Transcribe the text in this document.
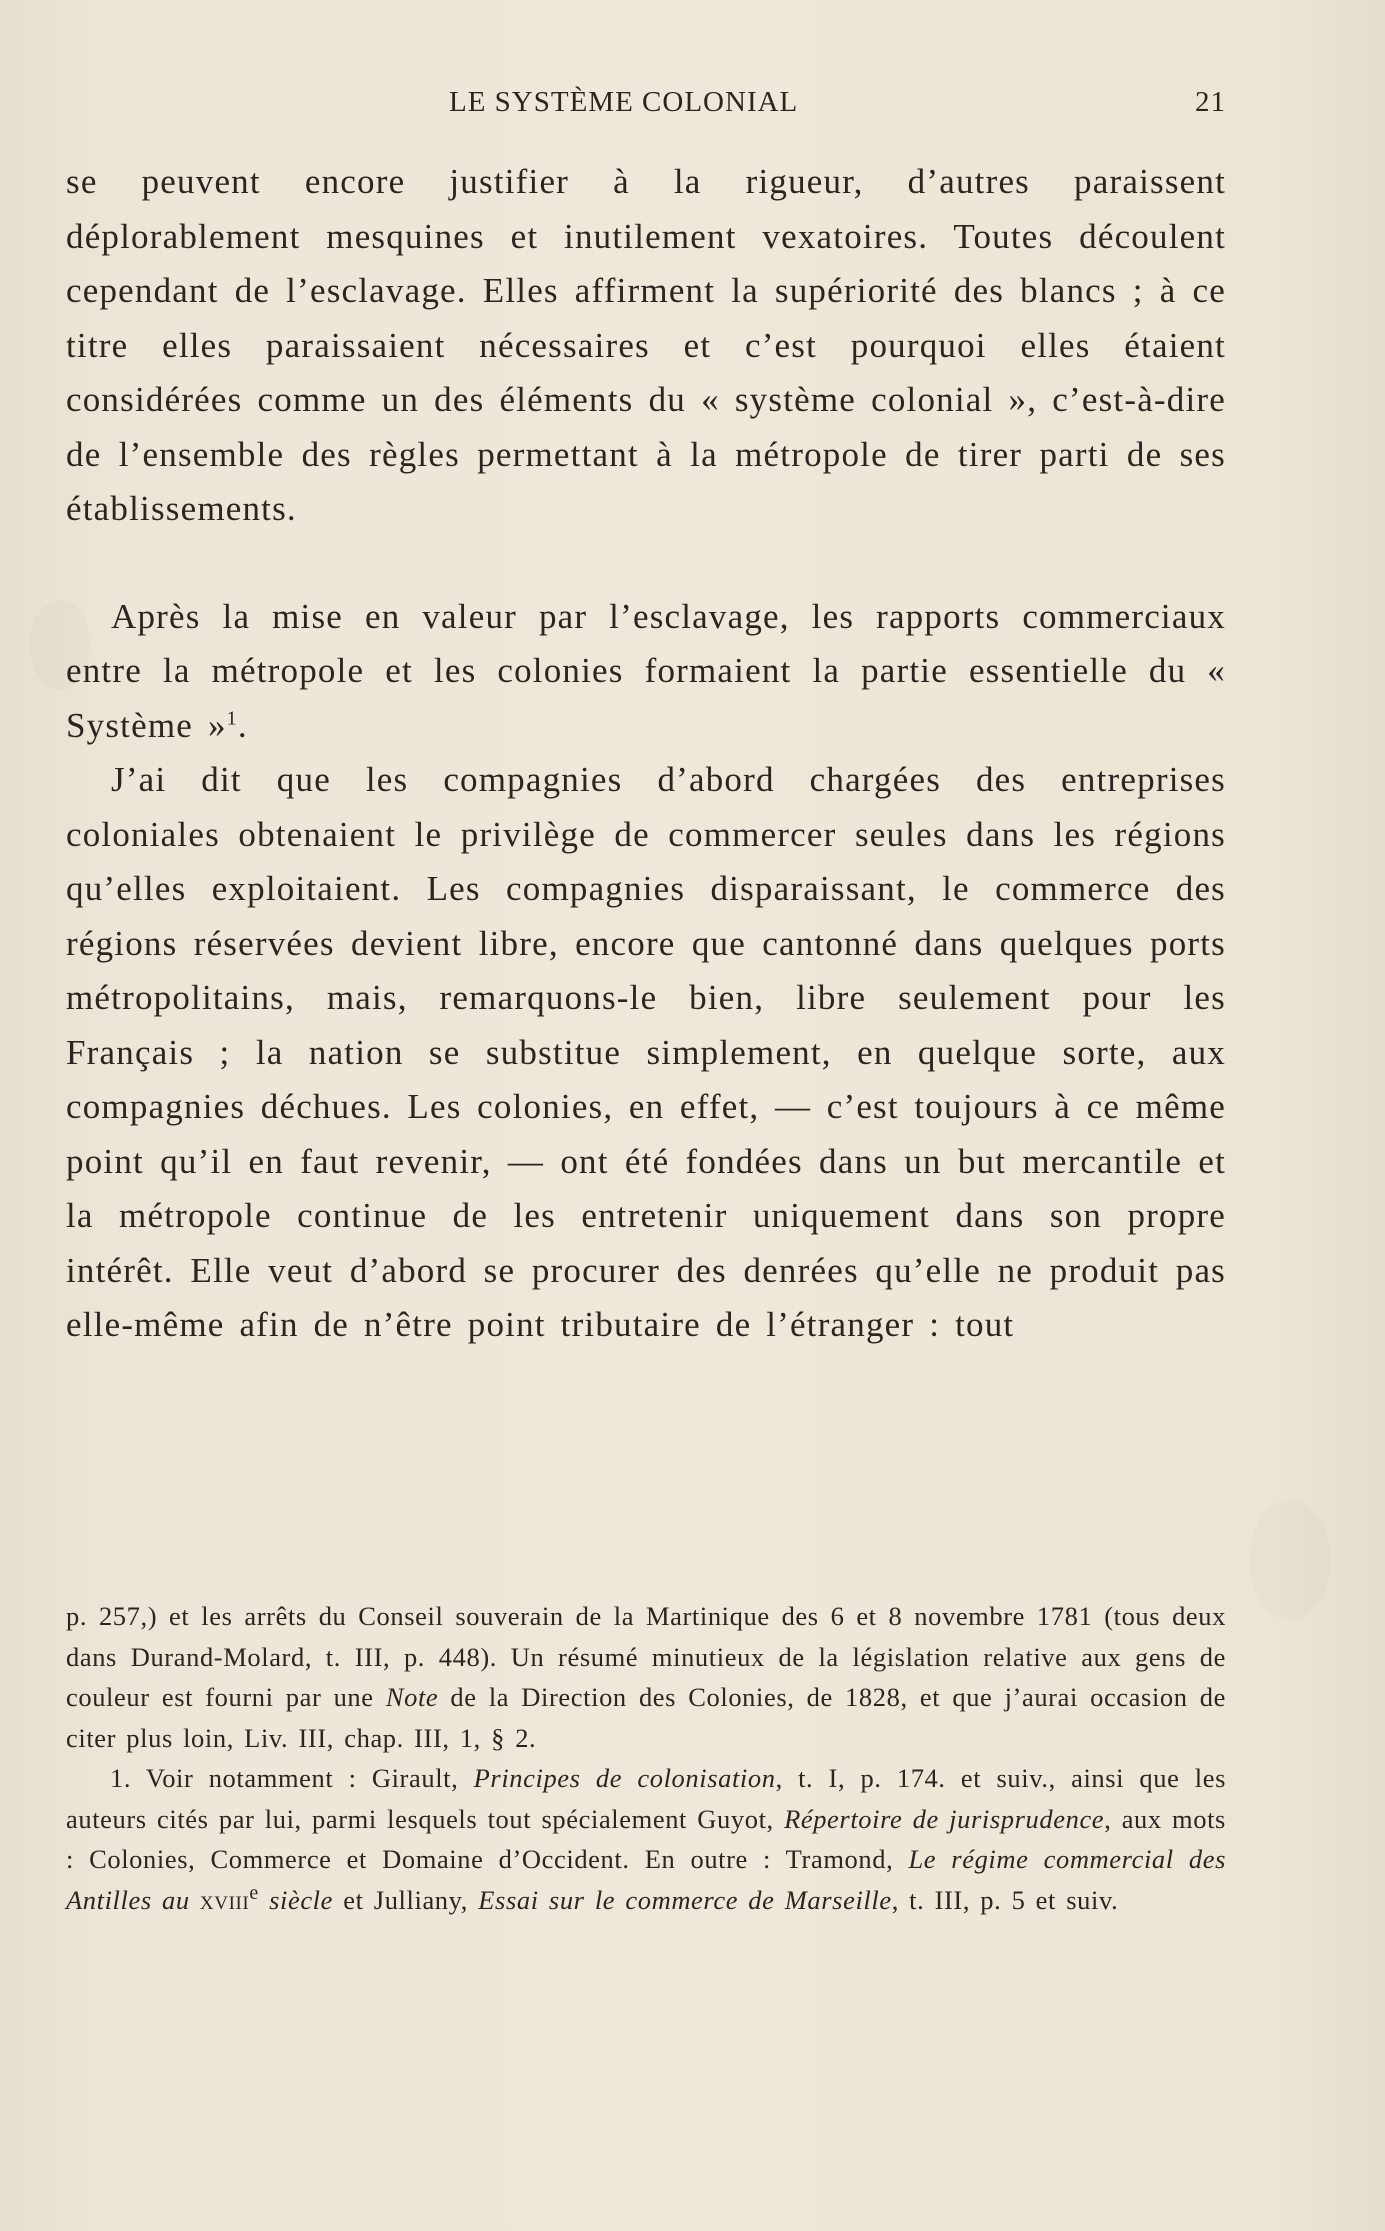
LE SYSTÈME COLONIAL	21

se peuvent encore justifier à la rigueur, d’autres paraissent déplorablement mesquines et inutilement vexatoires. Toutes découlent cependant de l’esclavage. Elles affirment la supériorité des blancs ; à ce titre elles paraissaient nécessaires et c’est pourquoi elles étaient considérées comme un des éléments du « système colonial », c’est-à-dire de l’ensemble des règles permettant à la métropole de tirer parti de ses établissements.

Après la mise en valeur par l’esclavage, les rapports commerciaux entre la métropole et les colonies formaient la partie essentielle du « Système »$^1$.

J’ai dit que les compagnies d’abord chargées des entreprises coloniales obtenaient le privilège de commercer seules dans les régions qu’elles exploitaient. Les compagnies disparaissant, le commerce des régions réservées devient libre, encore que cantonné dans quelques ports métropolitains, mais, remarquons-le bien, libre seulement pour les Français ; la nation se substitue simplement, en quelque sorte, aux compagnies déchues. Les colonies, en effet, — c’est toujours à ce même point qu’il en faut revenir, — ont été fondées dans un but mercantile et la métropole continue de les entretenir uniquement dans son propre intérêt. Elle veut d’abord se procurer des denrées qu’elle ne produit pas elle-même afin de n’être point tributaire de l’étranger : tout

p. 257,) et les arrêts du Conseil souverain de la Martinique des 6 et 8 novembre 1781 (tous deux dans Durand-Molard, t. III, p. 448). Un résumé minutieux de la législation relative aux gens de couleur est fourni par une Note de la Direction des Colonies, de 1828, et que j’aurai occasion de citer plus loin, Liv. III, chap. III, 1, § 2.

1. Voir notamment : Girault, Principes de colonisation, t. I, p. 174. et suiv., ainsi que les auteurs cités par lui, parmi lesquels tout spécialement Guyot, Répertoire de jurisprudence, aux mots : Colonies, Commerce et Domaine d’Occident. En outre : Tramond, Le régime commercial des Antilles au xviii$^e$ siècle et Julliany, Essai sur le commerce de Marseille, t. III, p. 5 et suiv.
